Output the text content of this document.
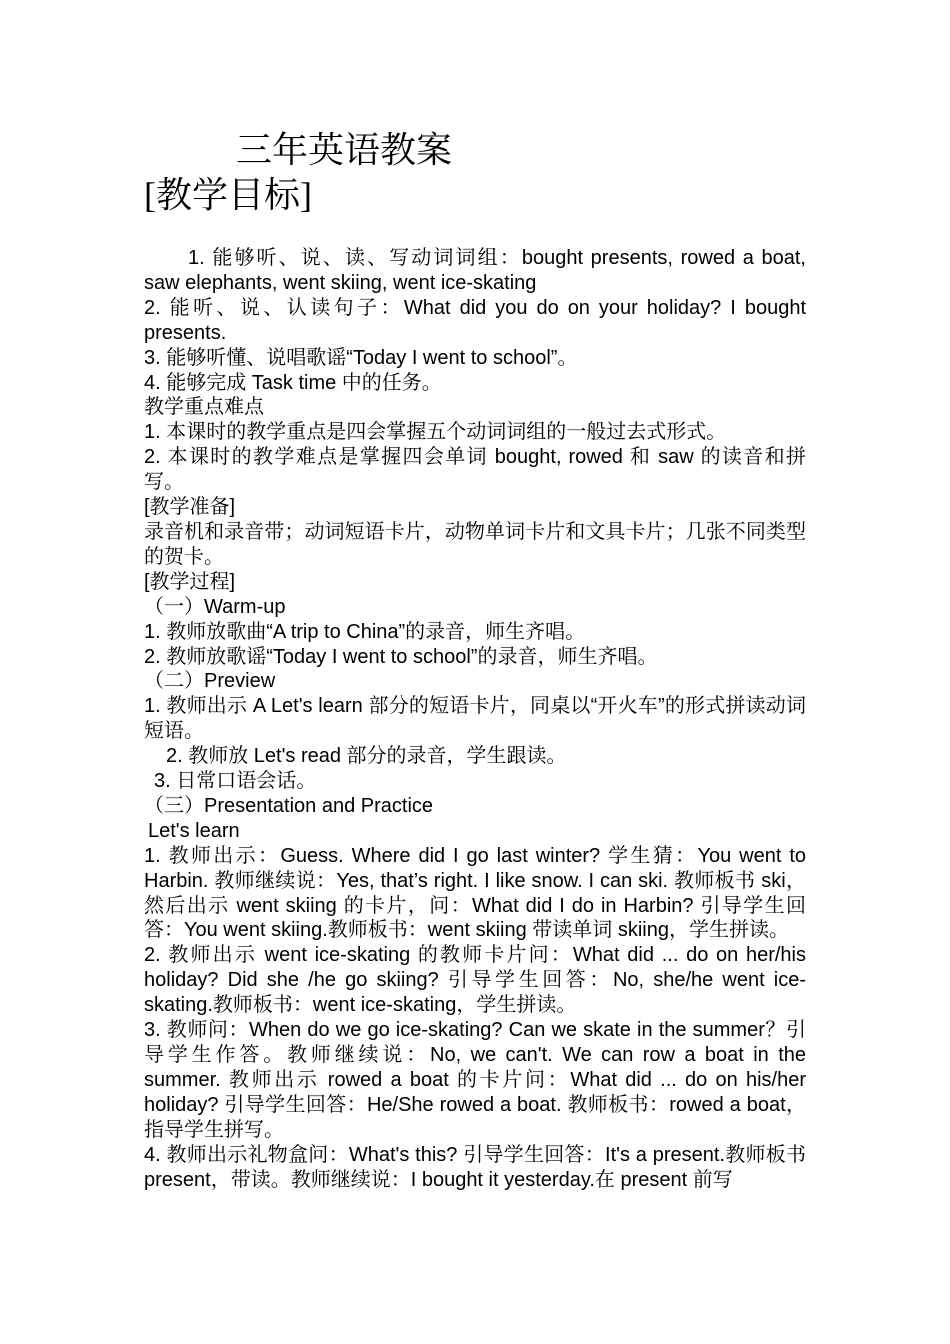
三年英语教案
[教学目标]

1. 能够听、说、读、写动词词组：bought presents, rowed a boat, saw elephants, went skiing, went ice-skating

2. 能听、说、认读句子：What did you do on your holiday? I bought presents.

3. 能够听懂、说唱歌谣“Today I went to school”。

4. 能够完成 Task time 中的任务。

教学重点难点

1. 本课时的教学重点是四会掌握五个动词词组的一般过去式形式。

2. 本课时的教学难点是掌握四会单词 bought, rowed 和 saw 的读音和拼写。

[教学准备]

录音机和录音带；动词短语卡片，动物单词卡片和文具卡片；几张不同类型的贺卡。

[教学过程]

（一）Warm-up

1. 教师放歌曲“A trip to China”的录音，师生齐唱。

2. 教师放歌谣“Today I went to school”的录音，师生齐唱。

（二）Preview

1. 教师出示 A Let's learn 部分的短语卡片，同桌以“开火车”的形式拼读动词短语。

2. 教师放 Let's read 部分的录音，学生跟读。

3. 日常口语会话。

（三）Presentation and Practice

Let's learn

1. 教师出示：Guess. Where did I go last winter? 学生猜：You went to Harbin. 教师继续说：Yes, that’s right. I like snow. I can ski. 教师板书 ski，然后出示 went skiing 的卡片，问：What did I do in Harbin? 引导学生回答：You went skiing.教师板书：went skiing 带读单词 skiing，学生拼读。

2. 教师出示 went ice-skating 的教师卡片问：What did ... do on her/his holiday? Did she /he go skiing? 引导学生回答：No, she/he went ice-skating.教师板书：went ice-skating，学生拼读。

3. 教师问：When do we go ice-skating? Can we skate in the summer？引导学生作答。教师继续说：No, we can't. We can row a boat in the summer. 教师出示 rowed a boat 的卡片问：What did ... do on his/her holiday? 引导学生回答：He/She rowed a boat. 教师板书：rowed a boat，指导学生拼写。

4. 教师出示礼物盒问：What's this? 引导学生回答：It's a present.教师板书 present，带读。教师继续说：I bought it yesterday.在 present 前写
